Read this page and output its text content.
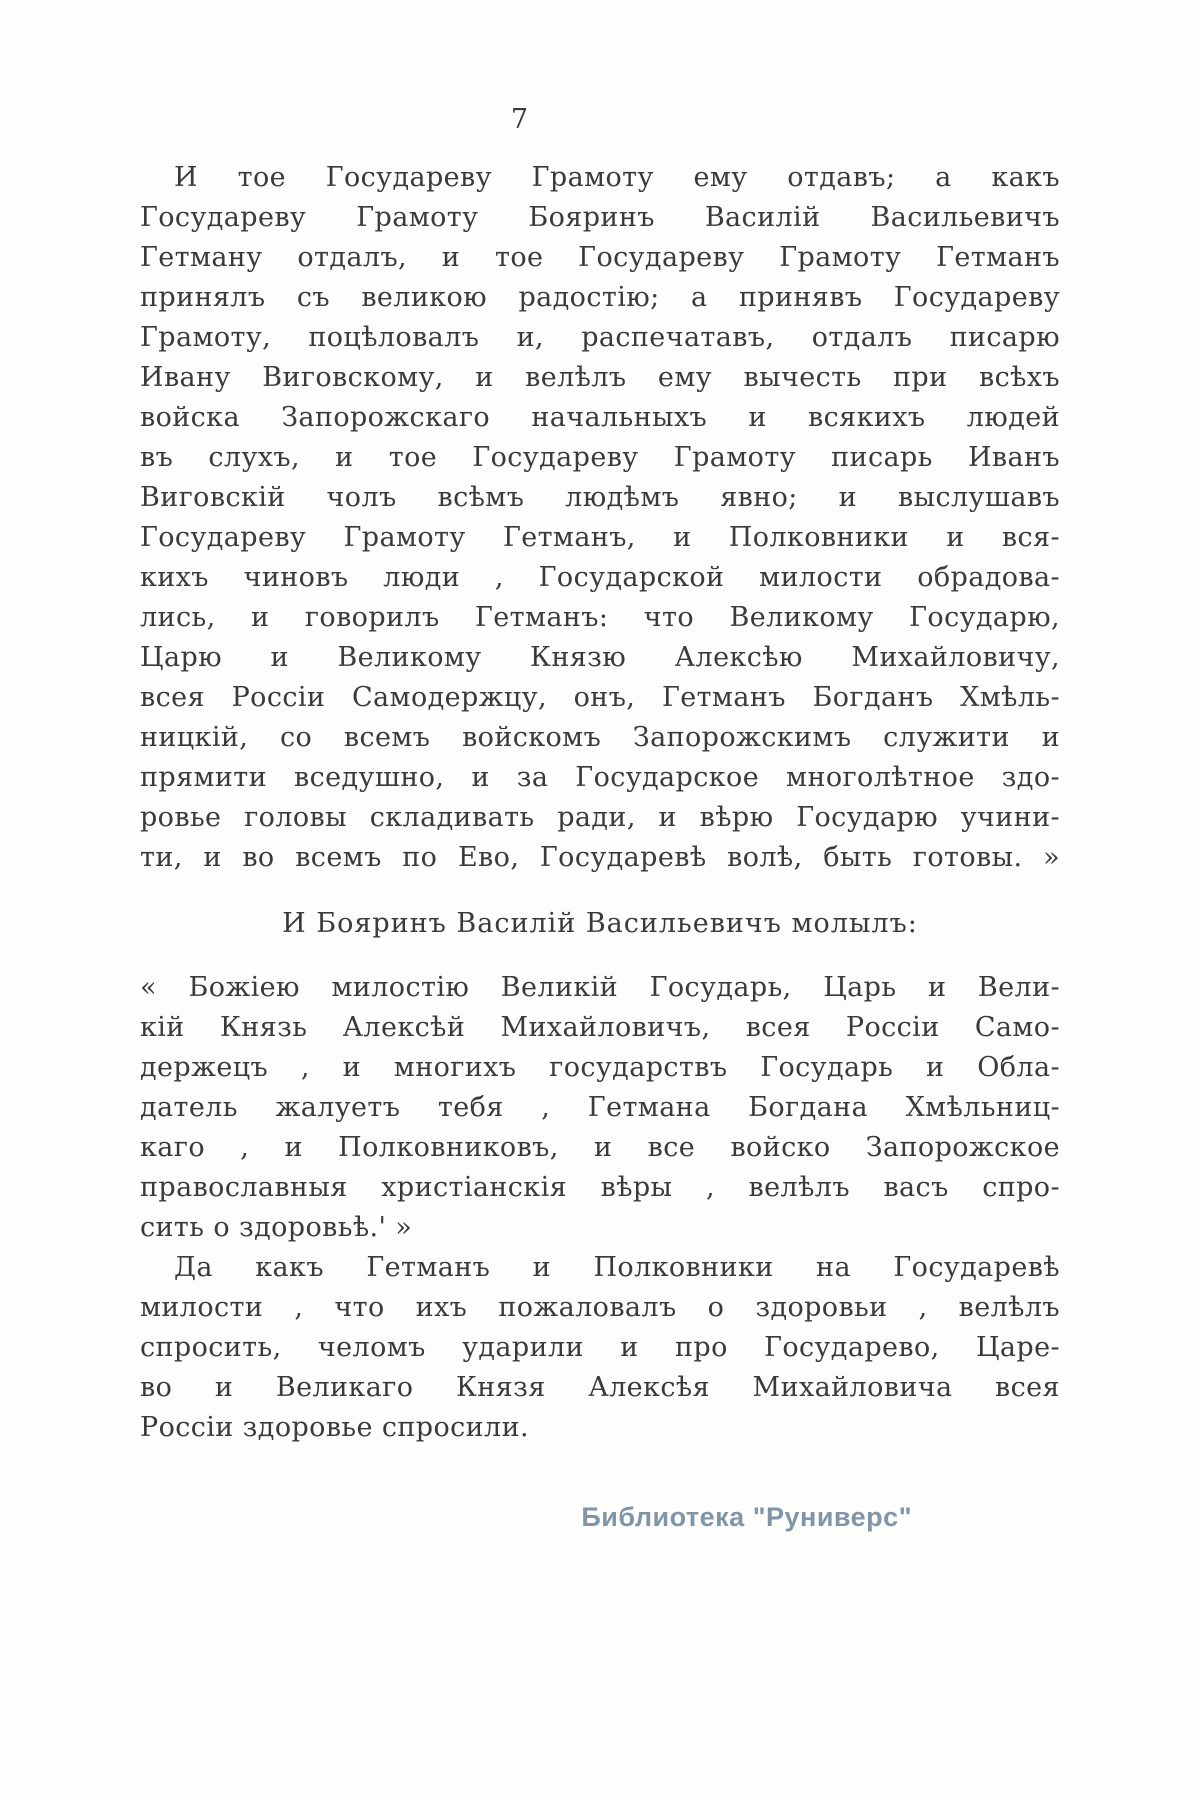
7
И тое Государеву Грамоту ему отдавъ; а какъ
Государеву Грамоту Бояринъ Василій Васильевичъ
Гетману отдалъ, и тое Государеву Грамоту Гетманъ
принялъ съ великою радостію; а принявъ Государеву
Грамоту, поцѣловалъ и, распечатавъ, отдалъ писарю
Ивану Виговскому, и велѣлъ ему вычесть при всѣхъ
войска Запорожскаго начальныхъ и всякихъ людей
въ слухъ, и тое Государеву Грамоту писарь Иванъ
Виговскій чолъ всѣмъ людѣмъ явно; и выслушавъ
Государеву Грамоту Гетманъ, и Полковники и вся-
кихъ чиновъ люди , Государской милости обрадова-
лись, и говорилъ Гетманъ: что Великому Государю,
Царю и Великому Князю Алексѣю Михайловичу,
всея Россіи Самодержцу, онъ, Гетманъ Богданъ Хмѣль-
ницкій, со всемъ войскомъ Запорожскимъ служити и
прямити вседушно, и за Государское многолѣтное здо-
ровье головы складивать ради, и вѣрю Государю учини-
ти, и во всемъ по Ево, Государевѣ волѣ, быть готовы. »
И Бояринъ Василій Васильевичъ молылъ:
« Божіею милостію Великій Государь, Царь и Вели-
кій Князь Алексѣй Михайловичъ, всея Россіи Само-
держецъ , и многихъ государствъ Государь и Обла-
датель жалуетъ тебя , Гетмана Богдана Хмѣльниц-
каго , и Полковниковъ, и все войско Запорожское
православныя христіанскія вѣры , велѣлъ васъ спро-
сить о здоровьѣ.' »
Да какъ Гетманъ и Полковники на Государевѣ
милости , что ихъ пожаловалъ о здоровьи , велѣлъ
спросить, челомъ ударили и про Государево, Царе-
во и Великаго Князя Алексѣя Михайловича всея
Россіи здоровье спросили.
Библиотека "Руниверс"
